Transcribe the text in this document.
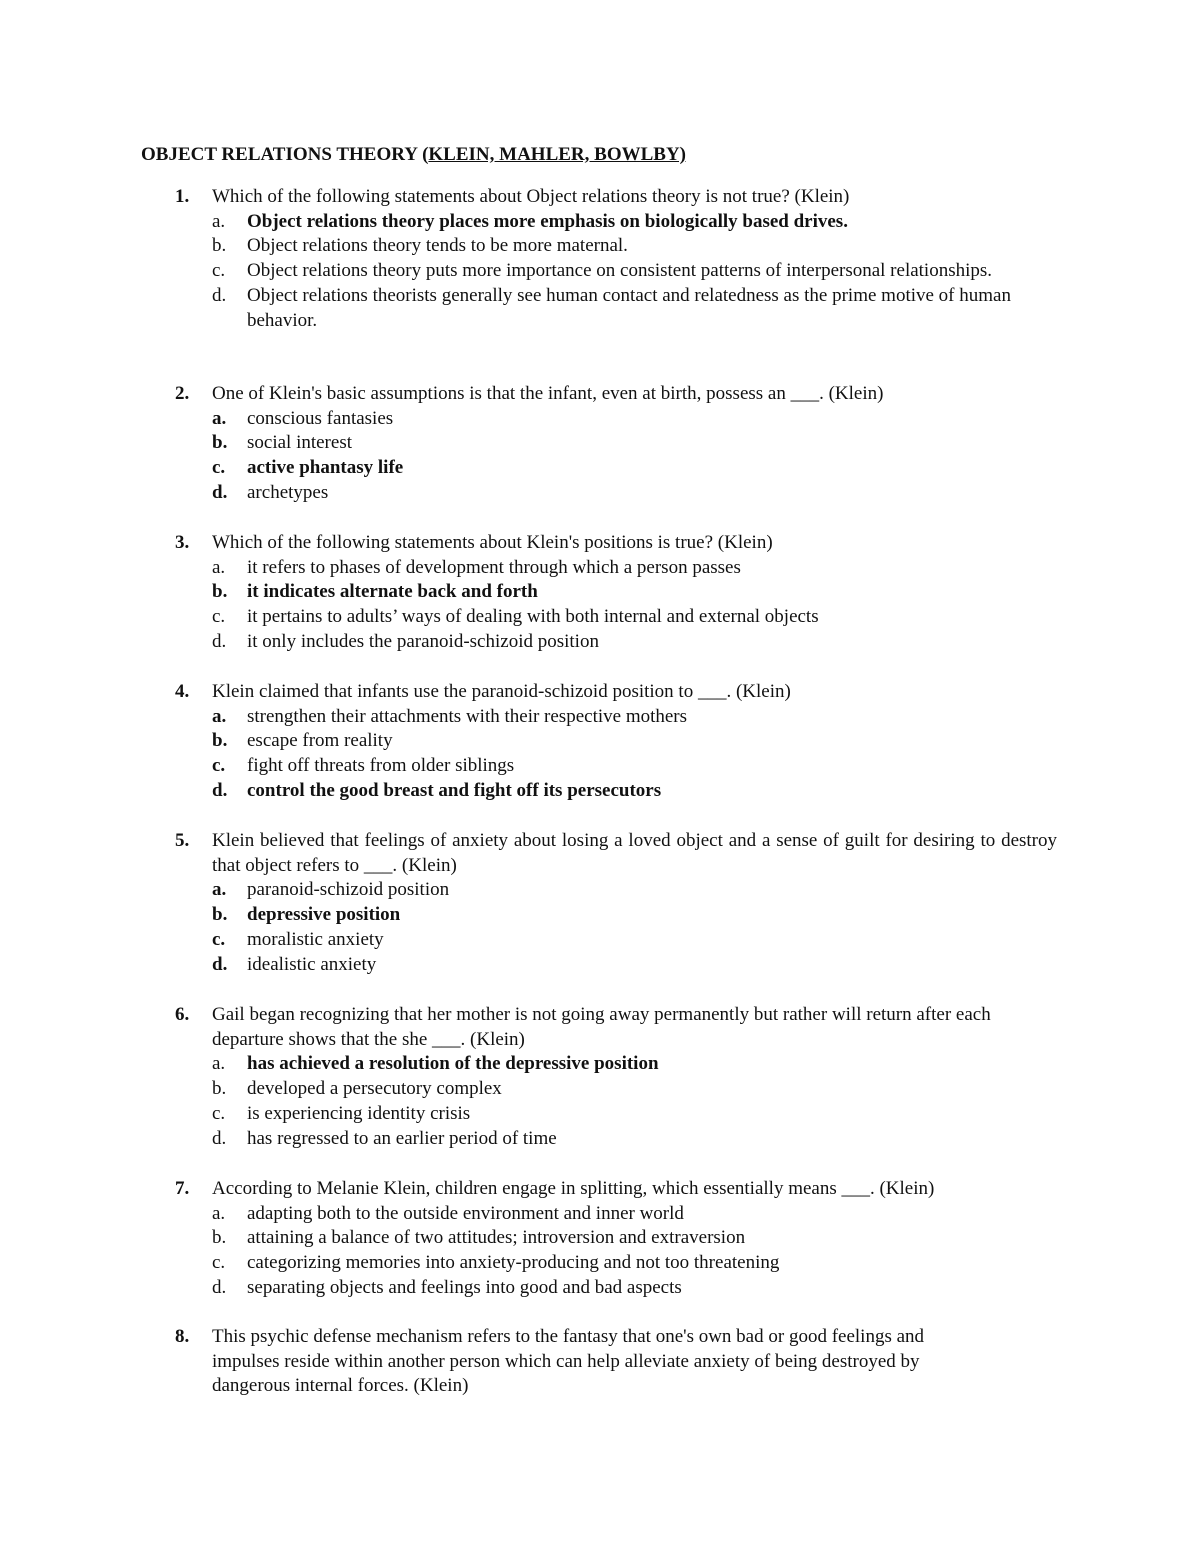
OBJECT RELATIONS THEORY (KLEIN, MAHLER, BOWLBY)
1. Which of the following statements about Object relations theory is not true? (Klein)
a. Object relations theory places more emphasis on biologically based drives.
b. Object relations theory tends to be more maternal.
c. Object relations theory puts more importance on consistent patterns of interpersonal relationships.
d. Object relations theorists generally see human contact and relatedness as the prime motive of human behavior.
2. One of Klein's basic assumptions is that the infant, even at birth, possess an ___. (Klein)
a. conscious fantasies
b. social interest
c. active phantasy life
d. archetypes
3. Which of the following statements about Klein's positions is true? (Klein)
a. it refers to phases of development through which a person passes
b. it indicates alternate back and forth
c. it pertains to adults’ ways of dealing with both internal and external objects
d. it only includes the paranoid-schizoid position
4. Klein claimed that infants use the paranoid-schizoid position to ___. (Klein)
a. strengthen their attachments with their respective mothers
b. escape from reality
c. fight off threats from older siblings
d. control the good breast and fight off its persecutors
5. Klein believed that feelings of anxiety about losing a loved object and a sense of guilt for desiring to destroy that object refers to ___. (Klein)
a. paranoid-schizoid position
b. depressive position
c. moralistic anxiety
d. idealistic anxiety
6. Gail began recognizing that her mother is not going away permanently but rather will return after each departure shows that the she ___. (Klein)
a. has achieved a resolution of the depressive position
b. developed a persecutory complex
c. is experiencing identity crisis
d. has regressed to an earlier period of time
7. According to Melanie Klein, children engage in splitting, which essentially means ___. (Klein)
a. adapting both to the outside environment and inner world
b. attaining a balance of two attitudes; introversion and extraversion
c. categorizing memories into anxiety-producing and not too threatening
d. separating objects and feelings into good and bad aspects
8. This psychic defense mechanism refers to the fantasy that one's own bad or good feelings and impulses reside within another person which can help alleviate anxiety of being destroyed by dangerous internal forces. (Klein)
